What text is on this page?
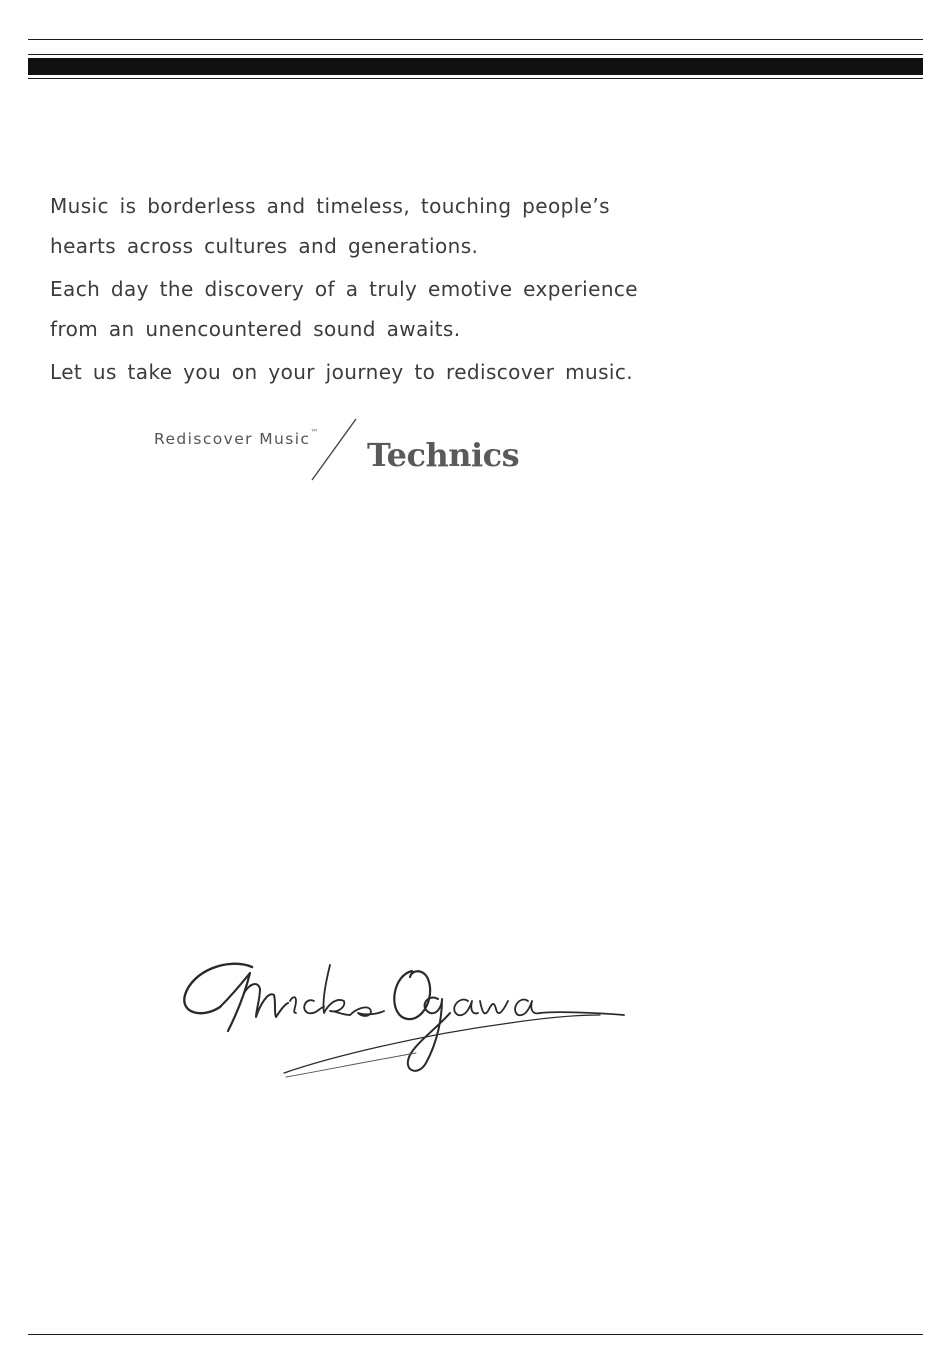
Music is borderless and timeless, touching people’s hearts across cultures and generations.

Each day the discovery of a truly emotive experience from an unencountered sound awaits.

Let us take you on your journey to rediscover music.

Rediscover Music™
Technics
